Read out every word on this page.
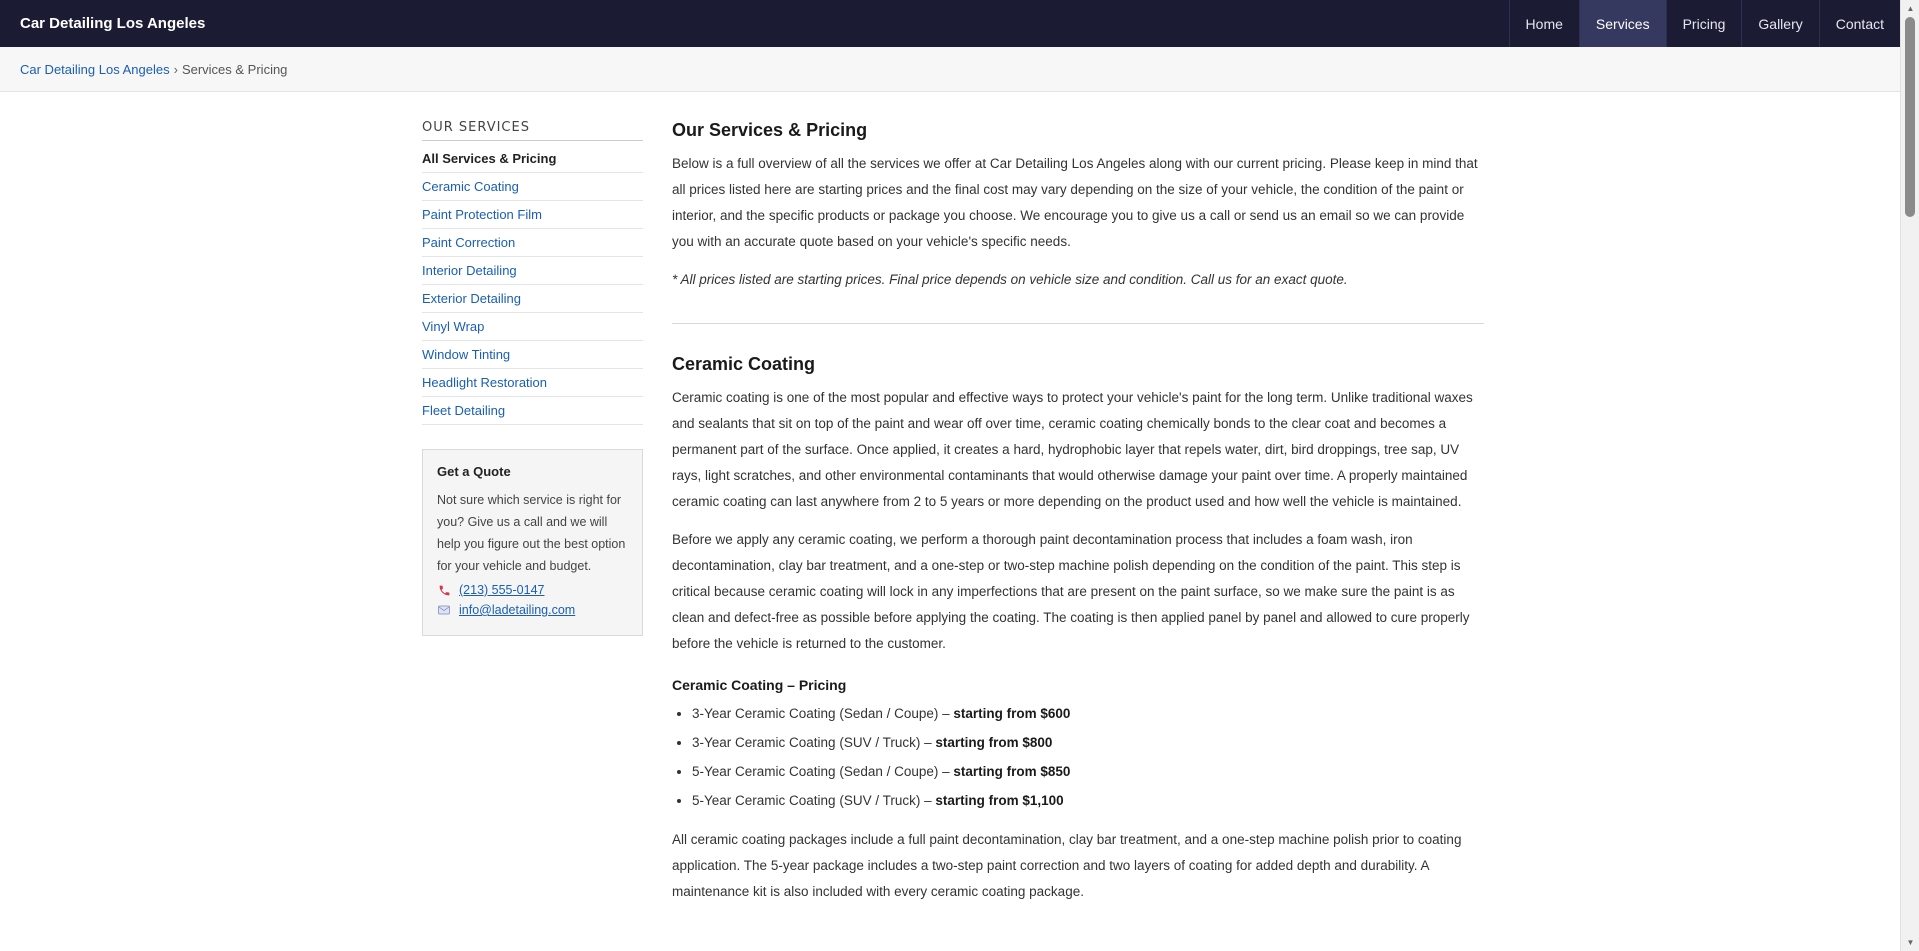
Car Detailing Los Angeles	Home	Services	Pricing	Gallery	Contact
Car Detailing Los Angeles › Services & Pricing
OUR SERVICES
All Services & Pricing
Ceramic Coating
Paint Protection Film
Paint Correction
Interior Detailing
Exterior Detailing
Vinyl Wrap
Window Tinting
Headlight Restoration
Fleet Detailing
Get a Quote
Not sure which service is right for you? Give us a call and we will help you figure out the best option for your vehicle and budget.
(213) 555-0147
info@ladetailing.com
Our Services & Pricing
Below is a full overview of all the services we offer at Car Detailing Los Angeles along with our current pricing. Please keep in mind that all prices listed here are starting prices and the final cost may vary depending on the size of your vehicle, the condition of the paint or interior, and the specific products or package you choose. We encourage you to give us a call or send us an email so we can provide you with an accurate quote based on your vehicle's specific needs.
* All prices listed are starting prices. Final price depends on vehicle size and condition. Call us for an exact quote.
Ceramic Coating
Ceramic coating is one of the most popular and effective ways to protect your vehicle's paint for the long term. Unlike traditional waxes and sealants that sit on top of the paint and wear off over time, ceramic coating chemically bonds to the clear coat and becomes a permanent part of the surface. Once applied, it creates a hard, hydrophobic layer that repels water, dirt, bird droppings, tree sap, UV rays, light scratches, and other environmental contaminants that would otherwise damage your paint over time. A properly maintained ceramic coating can last anywhere from 2 to 5 years or more depending on the product used and how well the vehicle is maintained.
Before we apply any ceramic coating, we perform a thorough paint decontamination process that includes a foam wash, iron decontamination, clay bar treatment, and a one-step or two-step machine polish depending on the condition of the paint. This step is critical because ceramic coating will lock in any imperfections that are present on the paint surface, so we make sure the paint is as clean and defect-free as possible before applying the coating. The coating is then applied panel by panel and allowed to cure properly before the vehicle is returned to the customer.
Ceramic Coating – Pricing
• 3-Year Ceramic Coating (Sedan / Coupe) – starting from $600
• 3-Year Ceramic Coating (SUV / Truck) – starting from $800
• 5-Year Ceramic Coating (Sedan / Coupe) – starting from $850
• 5-Year Ceramic Coating (SUV / Truck) – starting from $1,100
All ceramic coating packages include a full paint decontamination, clay bar treatment, and a one-step machine polish prior to coating application. The 5-year package includes a two-step paint correction and two layers of coating for added depth and durability. A maintenance kit is also included with every ceramic coating package.
▲
▼
